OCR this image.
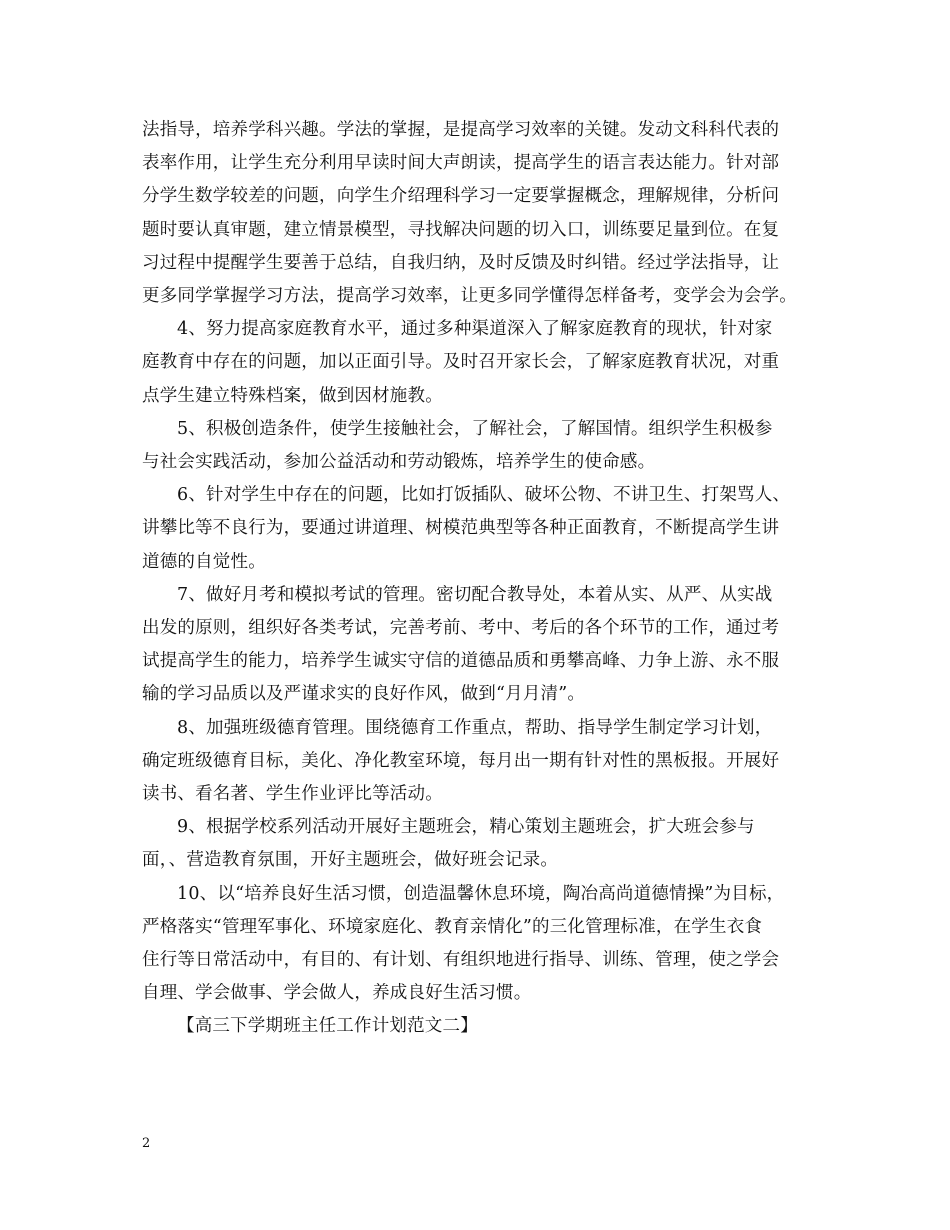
法指导，培养学科兴趣。学法的掌握，是提高学习效率的关键。发动文科科代表的
表率作用，让学生充分利用早读时间大声朗读，提高学生的语言表达能力。针对部
分学生数学较差的问题，向学生介绍理科学习一定要掌握概念，理解规律，分析问
题时要认真审题，建立情景模型，寻找解决问题的切入口，训练要足量到位。在复
习过程中提醒学生要善于总结，自我归纳，及时反馈及时纠错。经过学法指导，让
更多同学掌握学习方法，提高学习效率，让更多同学懂得怎样备考，变学会为会学。

4、努力提高家庭教育水平，通过多种渠道深入了解家庭教育的现状，针对家
庭教育中存在的问题，加以正面引导。及时召开家长会，了解家庭教育状况，对重
点学生建立特殊档案，做到因材施教。

5、积极创造条件，使学生接触社会，了解社会，了解国情。组织学生积极参
与社会实践活动，参加公益活动和劳动锻炼，培养学生的使命感。

6、针对学生中存在的问题，比如打饭插队、破坏公物、不讲卫生、打架骂人、
讲攀比等不良行为，要通过讲道理、树模范典型等各种正面教育，不断提高学生讲
道德的自觉性。

7、做好月考和模拟考试的管理。密切配合教导处，本着从实、从严、从实战
出发的原则，组织好各类考试，完善考前、考中、考后的各个环节的工作，通过考
试提高学生的能力，培养学生诚实守信的道德品质和勇攀高峰、力争上游、永不服
输的学习品质以及严谨求实的良好作风，做到“月月清”。

8、加强班级德育管理。围绕德育工作重点，帮助、指导学生制定学习计划，
确定班级德育目标，美化、净化教室环境，每月出一期有针对性的黑板报。开展好
读书、看名著、学生作业评比等活动。

9、根据学校系列活动开展好主题班会，精心策划主题班会，扩大班会参与
面，、营造教育氛围，开好主题班会，做好班会记录。

10、以“培养良好生活习惯，创造温馨休息环境，陶冶高尚道德情操”为目标，
严格落实“管理军事化、环境家庭化、教育亲情化”的三化管理标准，在学生衣食
住行等日常活动中，有目的、有计划、有组织地进行指导、训练、管理，使之学会
自理、学会做事、学会做人，养成良好生活习惯。

【高三下学期班主任工作计划范文二】

2
